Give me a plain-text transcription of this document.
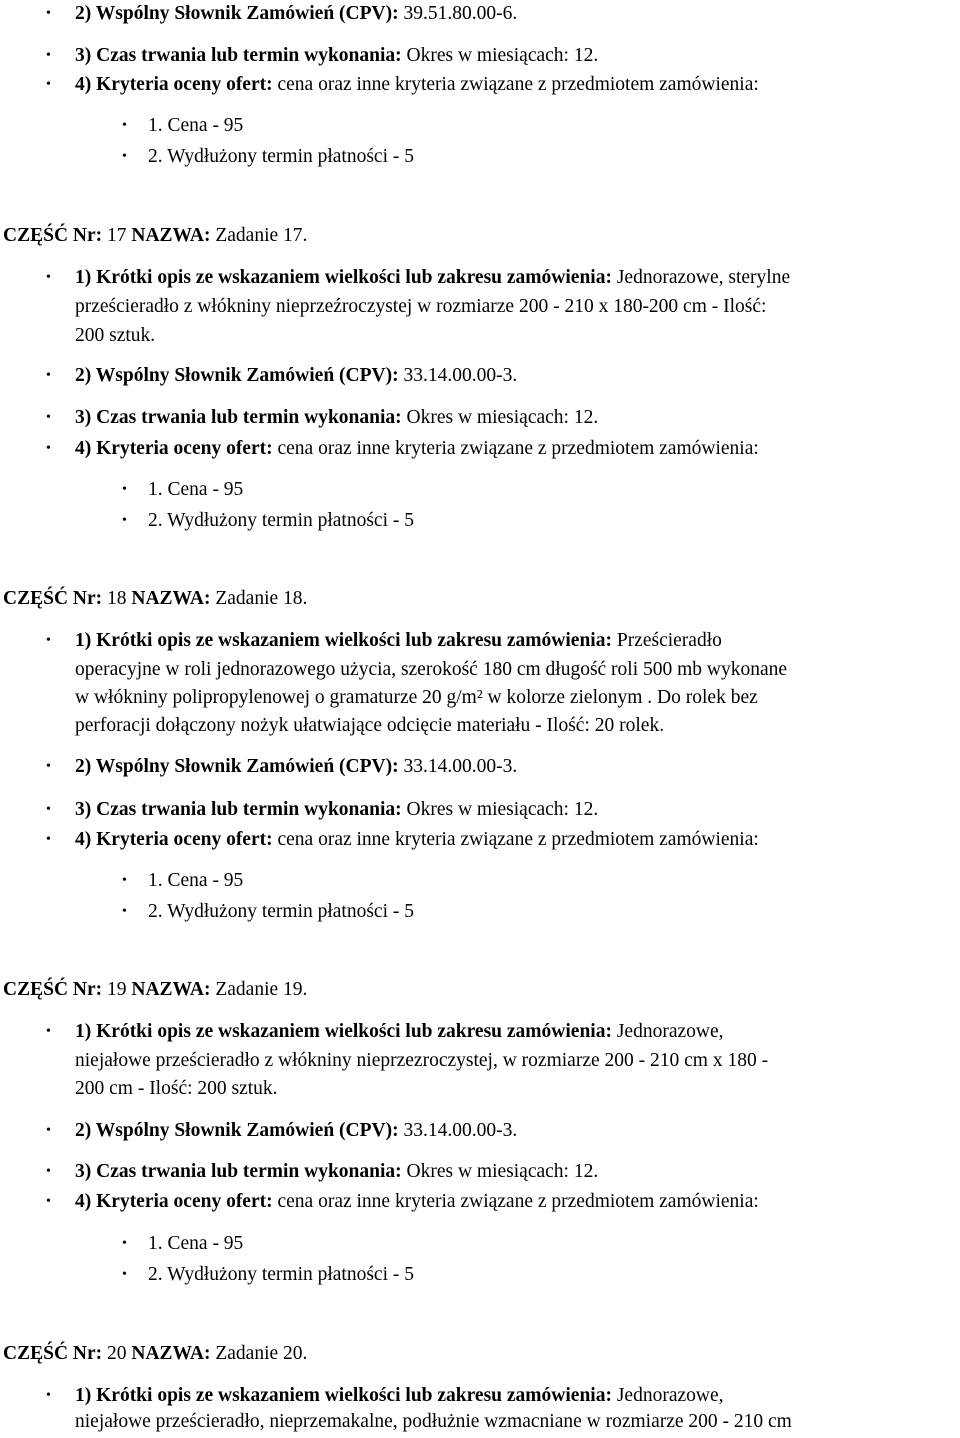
• 2) Wspólny Słownik Zamówień (CPV): 39.51.80.00-6.
• 3) Czas trwania lub termin wykonania: Okres w miesiącach: 12.
• 4) Kryteria oceny ofert: cena oraz inne kryteria związane z przedmiotem zamówienia:
• 1. Cena - 95
• 2. Wydłużony termin płatności - 5
CZĘŚĆ Nr: 17 NAZWA: Zadanie 17.
• 1) Krótki opis ze wskazaniem wielkości lub zakresu zamówienia: Jednorazowe, sterylne
prześcieradło z włókniny nieprzeźroczystej w rozmiarze 200 - 210 x 180-200 cm - Ilość:
200 sztuk.
• 2) Wspólny Słownik Zamówień (CPV): 33.14.00.00-3.
• 3) Czas trwania lub termin wykonania: Okres w miesiącach: 12.
• 4) Kryteria oceny ofert: cena oraz inne kryteria związane z przedmiotem zamówienia:
• 1. Cena - 95
• 2. Wydłużony termin płatności - 5
CZĘŚĆ Nr: 18 NAZWA: Zadanie 18.
• 1) Krótki opis ze wskazaniem wielkości lub zakresu zamówienia: Prześcieradło
operacyjne w roli jednorazowego użycia, szerokość 180 cm długość roli 500 mb wykonane
w włókniny polipropylenowej o gramaturze 20 g/m² w kolorze zielonym . Do rolek bez
perforacji dołączony nożyk ułatwiające odcięcie materiału - Ilość: 20 rolek.
• 2) Wspólny Słownik Zamówień (CPV): 33.14.00.00-3.
• 3) Czas trwania lub termin wykonania: Okres w miesiącach: 12.
• 4) Kryteria oceny ofert: cena oraz inne kryteria związane z przedmiotem zamówienia:
• 1. Cena - 95
• 2. Wydłużony termin płatności - 5
CZĘŚĆ Nr: 19 NAZWA: Zadanie 19.
• 1) Krótki opis ze wskazaniem wielkości lub zakresu zamówienia: Jednorazowe,
niejałowe prześcieradło z włókniny nieprzezroczystej, w rozmiarze 200 - 210 cm x 180 -
200 cm - Ilość: 200 sztuk.
• 2) Wspólny Słownik Zamówień (CPV): 33.14.00.00-3.
• 3) Czas trwania lub termin wykonania: Okres w miesiącach: 12.
• 4) Kryteria oceny ofert: cena oraz inne kryteria związane z przedmiotem zamówienia:
• 1. Cena - 95
• 2. Wydłużony termin płatności - 5
CZĘŚĆ Nr: 20 NAZWA: Zadanie 20.
• 1) Krótki opis ze wskazaniem wielkości lub zakresu zamówienia: Jednorazowe,
niejałowe prześcieradło, nieprzemakalne, podłużnie wzmacniane w rozmiarze 200 - 210 cm
